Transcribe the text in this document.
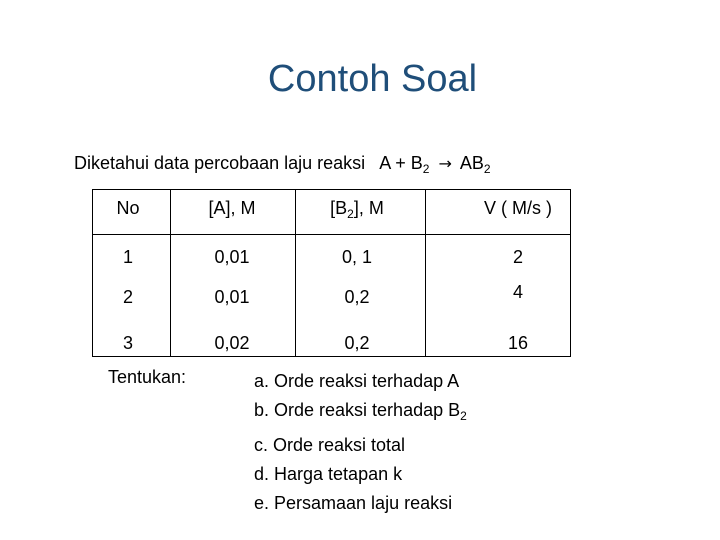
Contoh Soal
Diketahui data percobaan laju reaksi $A + B_2 \to AB_2$
No	[A], M	$[B_2]$, M	V ( M/s )
1	0,01	0, 1	2
2	0,01	0,2	4
3	0,02	0,2	16
Tentukan:	a. Orde reaksi terhadap A
b. Orde reaksi terhadap $B_2$
c. Orde reaksi total
d. Harga tetapan k
e. Persamaan laju reaksi
